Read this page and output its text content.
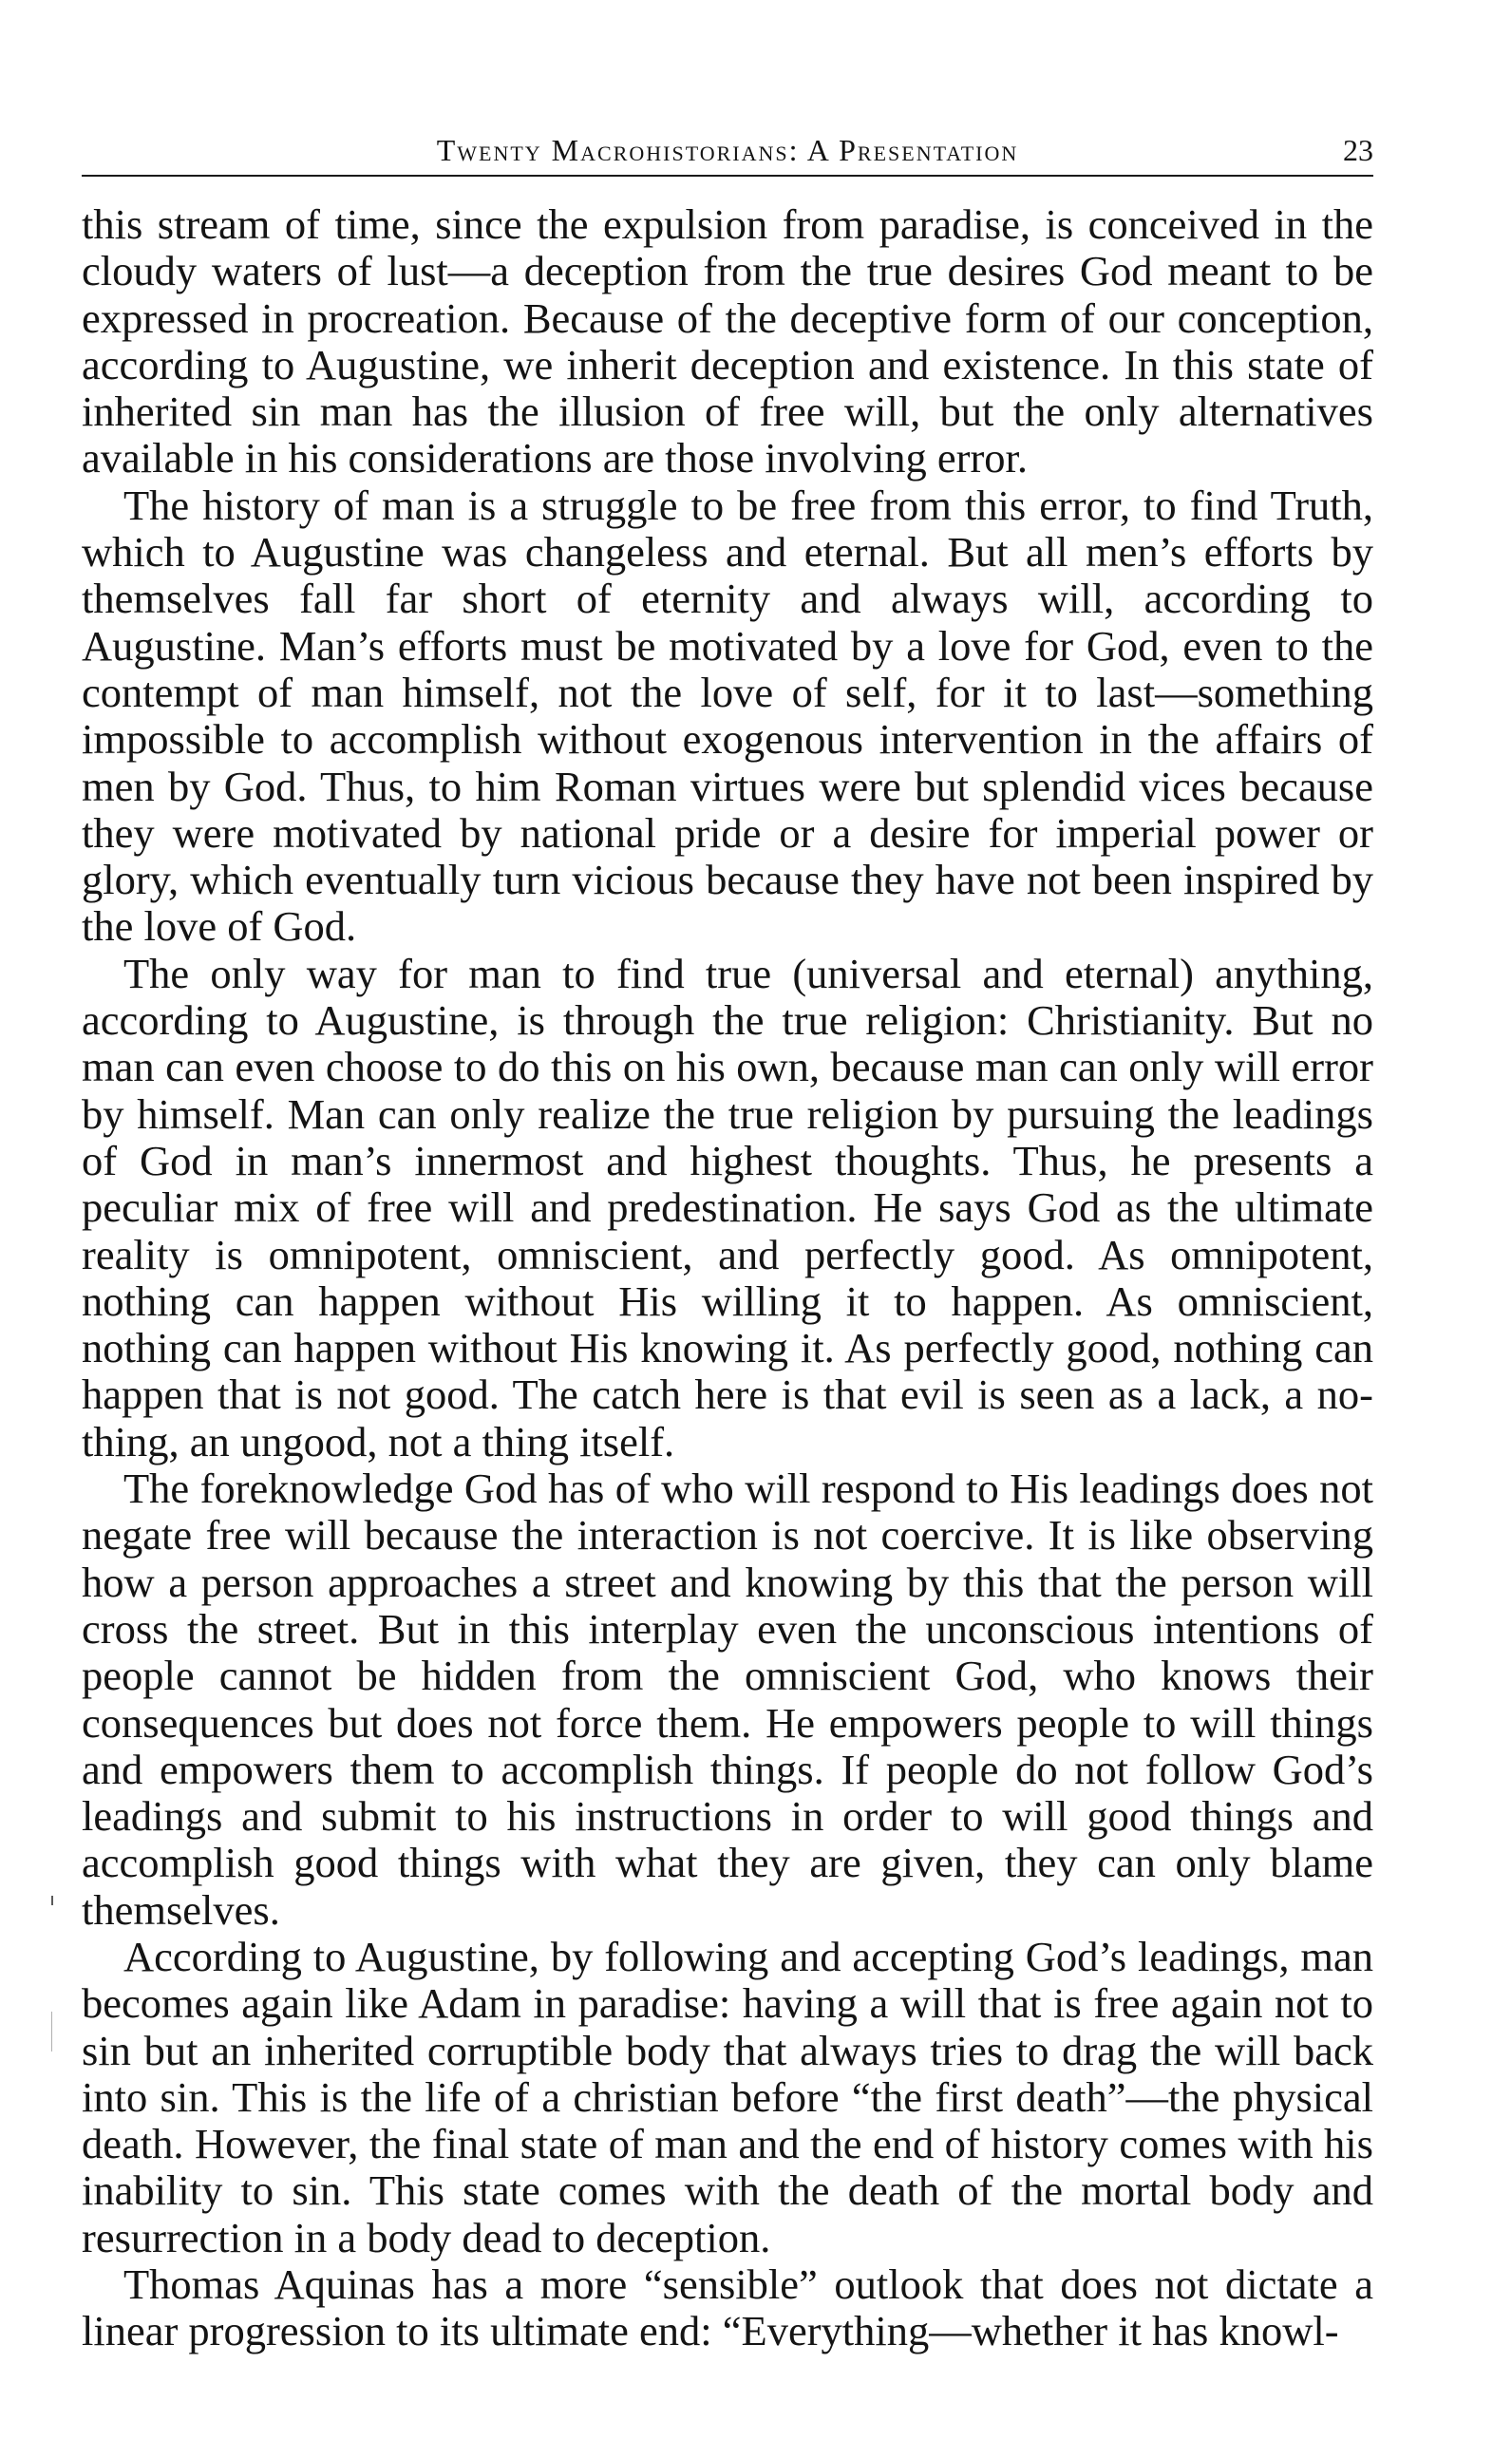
Twenty Macrohistorians: A Presentation	23

this stream of time, since the expulsion from paradise, is conceived in the cloudy waters of lust—a deception from the true desires God meant to be expressed in procreation. Because of the deceptive form of our conception, according to Augustine, we inherit deception and existence. In this state of inherited sin man has the illusion of free will, but the only alternatives available in his considerations are those involving error.

The history of man is a struggle to be free from this error, to find Truth, which to Augustine was changeless and eternal. But all men’s efforts by themselves fall far short of eternity and always will, according to Augustine. Man’s efforts must be motivated by a love for God, even to the contempt of man himself, not the love of self, for it to last—something impossible to accomplish without exogenous intervention in the affairs of men by God. Thus, to him Roman virtues were but splendid vices because they were motivated by national pride or a desire for imperial power or glory, which eventually turn vicious because they have not been inspired by the love of God.

The only way for man to find true (universal and eternal) anything, according to Augustine, is through the true religion: Christianity. But no man can even choose to do this on his own, because man can only will error by himself. Man can only realize the true religion by pursuing the leadings of God in man’s innermost and highest thoughts. Thus, he presents a peculiar mix of free will and predestination. He says God as the ultimate reality is omnipotent, omniscient, and perfectly good. As omnipotent, nothing can happen without His willing it to happen. As omniscient, nothing can happen without His knowing it. As perfectly good, nothing can happen that is not good. The catch here is that evil is seen as a lack, a no-thing, an ungood, not a thing itself.

The foreknowledge God has of who will respond to His leadings does not negate free will because the interaction is not coercive. It is like observing how a person approaches a street and knowing by this that the person will cross the street. But in this interplay even the unconscious intentions of people cannot be hidden from the omniscient God, who knows their consequences but does not force them. He empowers people to will things and empowers them to accomplish things. If people do not follow God’s leadings and submit to his instructions in order to will good things and accomplish good things with what they are given, they can only blame themselves.

According to Augustine, by following and accepting God’s leadings, man becomes again like Adam in paradise: having a will that is free again not to sin but an inherited corruptible body that always tries to drag the will back into sin. This is the life of a christian before “the first death”—the physical death. However, the final state of man and the end of history comes with his inability to sin. This state comes with the death of the mortal body and resurrection in a body dead to deception.

Thomas Aquinas has a more “sensible” outlook that does not dictate a linear progression to its ultimate end: “Everything—whether it has knowl-
